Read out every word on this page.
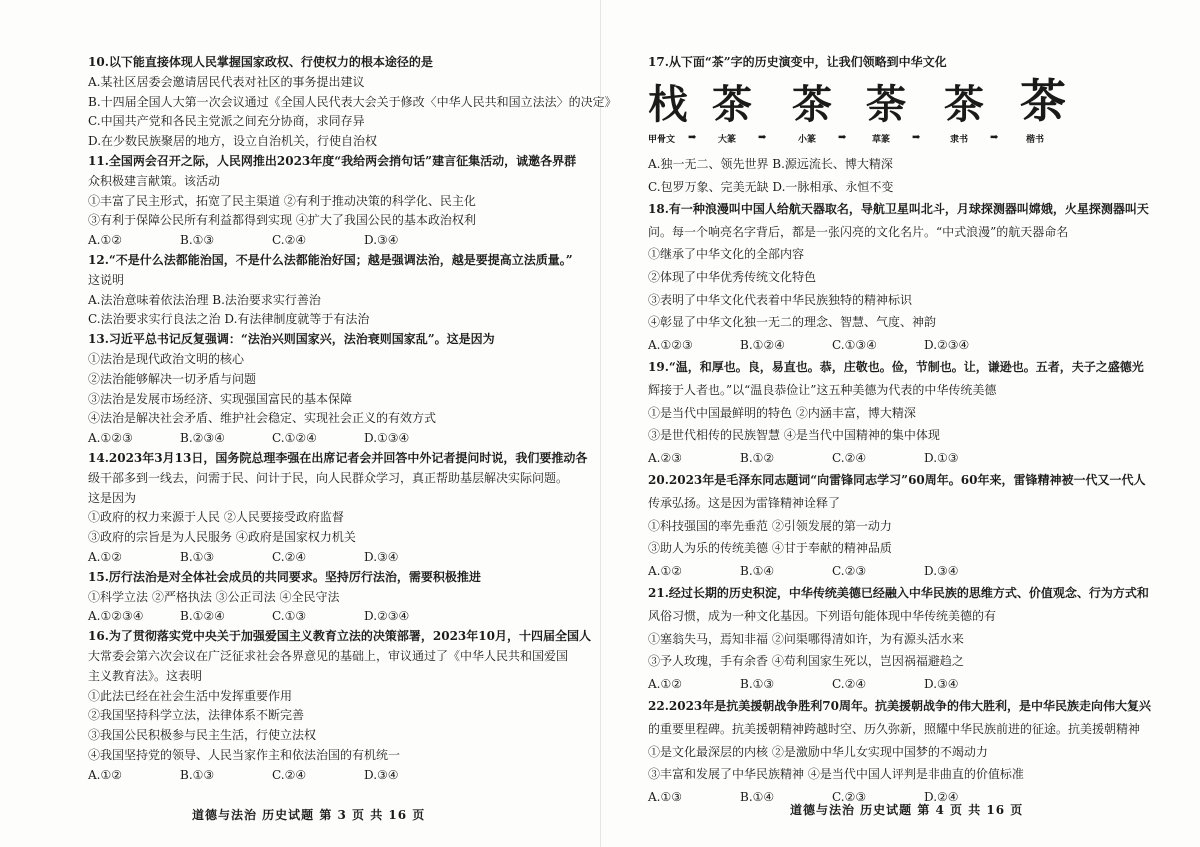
10.以下能直接体现人民掌握国家政权、行使权力的根本途径的是
A.某社区居委会邀请居民代表对社区的事务提出建议
B.十四届全国人大第一次会议通过《全国人民代表大会关于修改〈中华人民共和国立法法〉的决定》
C.中国共产党和各民主党派之间充分协商，求同存异
D.在少数民族聚居的地方，设立自治机关，行使自治权
11.全国两会召开之际，人民网推出2023年度“我给两会捎句话”建言征集活动，诚邀各界群
众积极建言献策。该活动
①丰富了民主形式，拓宽了民主渠道 ②有利于推动决策的科学化、民主化
③有利于保障公民所有利益都得到实现 ④扩大了我国公民的基本政治权利
A.①②	B.①③	C.②④	D.③④
12.“不是什么法都能治国，不是什么法都能治好国；越是强调法治，越是要提高立法质量。”
这说明
A.法治意味着依法治理 B.法治要求实行善治
C.法治要求实行良法之治 D.有法律制度就等于有法治
13.习近平总书记反复强调：“法治兴则国家兴，法治衰则国家乱”。这是因为
①法治是现代政治文明的核心
②法治能够解决一切矛盾与问题
③法治是发展市场经济、实现强国富民的基本保障
④法治是解决社会矛盾、维护社会稳定、实现社会正义的有效方式
A.①②③	B.②③④	C.①②④	D.①③④
14.2023年3月13日，国务院总理李强在出席记者会并回答中外记者提问时说，我们要推动各
级干部多到一线去，问需于民、问计于民，向人民群众学习，真正帮助基层解决实际问题。
这是因为
①政府的权力来源于人民 ②人民要接受政府监督
③政府的宗旨是为人民服务 ④政府是国家权力机关
A.①②	B.①③	C.②④	D.③④
15.厉行法治是对全体社会成员的共同要求。坚持厉行法治，需要积极推进
①科学立法 ②严格执法 ③公正司法 ④全民守法
A.①②③④	B.①②④	C.①③	D.②③④
16.为了贯彻落实党中央关于加强爱国主义教育立法的决策部署，2023年10月，十四届全国人
大常委会第六次会议在广泛征求社会各界意见的基础上，审议通过了《中华人民共和国爱国
主义教育法》。这表明
①此法已经在社会生活中发挥重要作用
②我国坚持科学立法，法律体系不断完善
③我国公民积极参与民主生活，行使立法权
④我国坚持党的领导、人民当家作主和依法治国的有机统一
A.①②	B.①③	C.②④	D.③④
道德与法治 历史试题 第 3 页 共 16 页
17.从下面“茶”字的历史演变中，让我们领略到中华文化
𣏾 茶 茶 荼 茶 茶
甲骨文 ➡ 大篆 ➡	小篆 ➡	草篆 ➡	隶书 ➡	楷书
A.独一无二、领先世界 B.源远流长、博大精深
C.包罗万象、完美无缺 D.一脉相承、永恒不变
18.有一种浪漫叫中国人给航天器取名，导航卫星叫北斗，月球探测器叫嫦娥，火星探测器叫天
问。每一个响亮名字背后，都是一张闪亮的文化名片。“中式浪漫”的航天器命名
①继承了中华文化的全部内容
②体现了中华优秀传统文化特色
③表明了中华文化代表着中华民族独特的精神标识
④彰显了中华文化独一无二的理念、智慧、气度、神韵
A.①②③	B.①②④	C.①③④	D.②③④
19.“温，和厚也。良，易直也。恭，庄敬也。俭，节制也。让，谦逊也。五者，夫子之盛德光
辉接于人者也。”以“温良恭俭让”这五种美德为代表的中华传统美德
①是当代中国最鲜明的特色 ②内涵丰富，博大精深
③是世代相传的民族智慧 ④是当代中国精神的集中体现
A.②③	B.①②	C.②④	D.①③
20.2023年是毛泽东同志题词“向雷锋同志学习”60周年。60年来，雷锋精神被一代又一代人
传承弘扬。这是因为雷锋精神诠释了
①科技强国的率先垂范 ②引领发展的第一动力
③助人为乐的传统美德 ④甘于奉献的精神品质
A.①②	B.①④	C.②③	D.③④
21.经过长期的历史积淀，中华传统美德已经融入中华民族的思维方式、价值观念、行为方式和
风俗习惯，成为一种文化基因。下列语句能体现中华传统美德的有
①塞翁失马，焉知非福 ②问渠哪得清如许，为有源头活水来
③予人玫瑰，手有余香 ④苟利国家生死以，岂因祸福避趋之
A.①②	B.①③	C.②④	D.③④
22.2023年是抗美援朝战争胜利70周年。抗美援朝战争的伟大胜利，是中华民族走向伟大复兴
的重要里程碑。抗美援朝精神跨越时空、历久弥新，照耀中华民族前进的征途。抗美援朝精神
①是文化最深层的内核 ②是激励中华儿女实现中国梦的不竭动力
③丰富和发展了中华民族精神 ④是当代中国人评判是非曲直的价值标准
A.①③	B.①④	C.②③	D.②④
道德与法治 历史试题 第 4 页 共 16 页
